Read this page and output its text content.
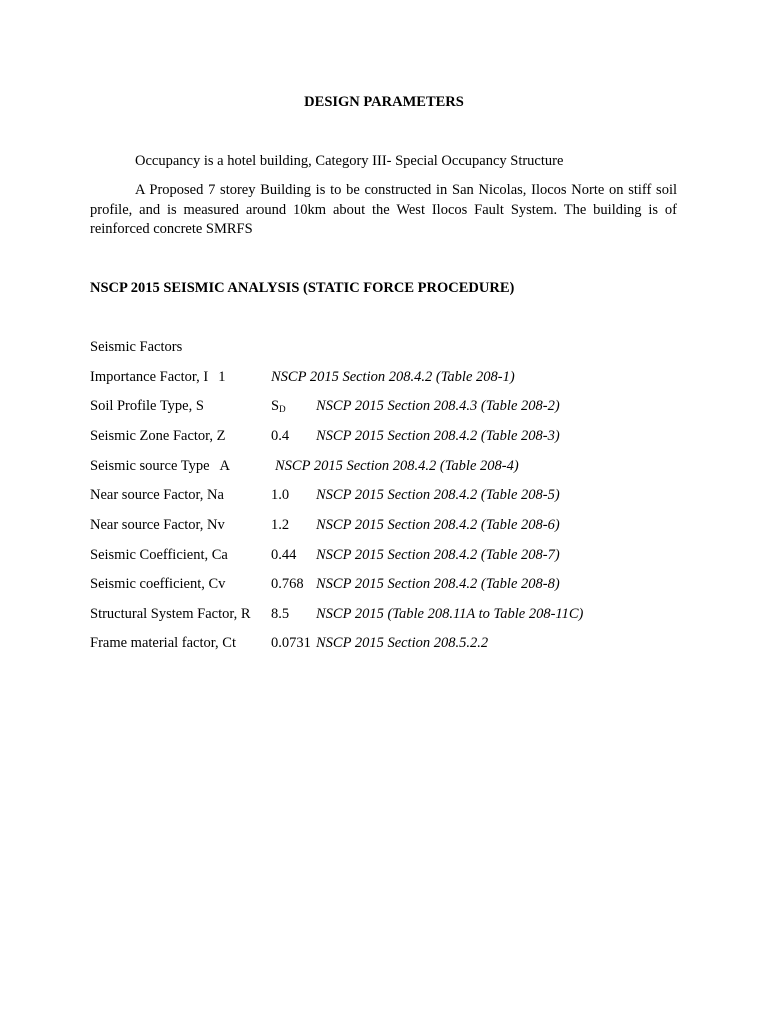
DESIGN PARAMETERS
Occupancy is a hotel building, Category III- Special Occupancy Structure
A Proposed 7 storey Building is to be constructed in San Nicolas, Ilocos Norte on stiff soil profile, and is measured around 10km about the West Ilocos Fault System. The building is of reinforced concrete SMRFS
NSCP 2015 SEISMIC ANALYSIS (STATIC FORCE PROCEDURE)
Seismic Factors
Importance Factor, I 1	NSCP 2015 Section 208.4.2 (Table 208-1)
Soil Profile Type, S	SD NSCP 2015 Section 208.4.3 (Table 208-2)
Seismic Zone Factor, Z	0.4 NSCP 2015 Section 208.4.2 (Table 208-3)
Seismic source Type A	NSCP 2015 Section 208.4.2 (Table 208-4)
Near source Factor, Na	1.0 NSCP 2015 Section 208.4.2 (Table 208-5)
Near source Factor, Nv	1.2 NSCP 2015 Section 208.4.2 (Table 208-6)
Seismic Coefficient, Ca	0.44 NSCP 2015 Section 208.4.2 (Table 208-7)
Seismic coefficient, Cv	0.768 NSCP 2015 Section 208.4.2 (Table 208-8)
Structural System Factor, R 8.5 NSCP 2015 (Table 208.11A to Table 208-11C)
Frame material factor, Ct 0.0731 NSCP 2015 Section 208.5.2.2
